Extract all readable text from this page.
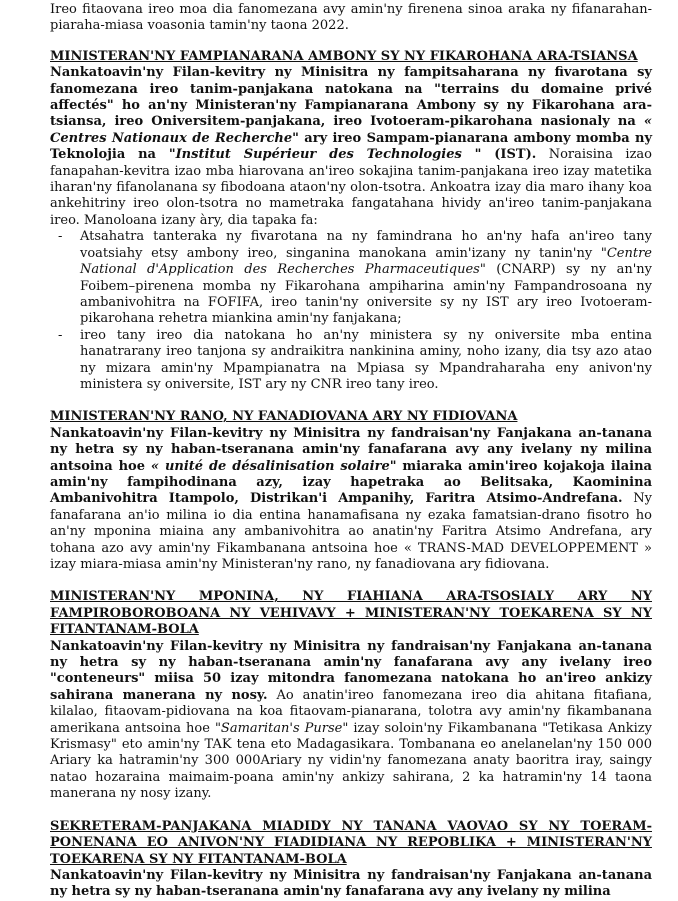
Ireo fitaovana ireo moa dia fanomezana avy amin'ny firenena sinoa araka ny fifanarahan-piaraha-miasa voasonia tamin'ny taona 2022.

MINISTERAN'NY FAMPIANARANA AMBONY SY NY FIKAROHANA ARA-TSIANSA

Nankatoavin'ny Filan-kevitry ny Minisitra ny fampitsaharana ny fivarotana sy fanomezana ireo tanim-panjakana natokana na "terrains du domaine privé affectés" ho an'ny Ministeran'ny Fampianarana Ambony sy ny Fikarohana ara-tsiansa, ireo Oniversitem-panjakana, ireo Ivotoeram-pikarohana nasionaly na « Centres Nationaux de Recherche" ary ireo Sampam-pianarana ambony momba ny Teknolojia na "Institut Supérieur des Technologies " (IST). Noraisina izao fanapahan-kevitra izao mba hiarovana an'ireo sokajina tanim-panjakana ireo izay matetika iharan'ny fifanolanana sy fibodoana ataon'ny olon-tsotra. Ankoatra izay dia maro ihany koa ankehitriny ireo olon-tsotra no mametraka fangatahana hividy an'ireo tanim-panjakana ireo. Manoloana izany àry, dia tapaka fa:

- Atsahatra tanteraka ny fivarotana na ny famindrana ho an'ny hafa an'ireo tany voatsiahy etsy ambony ireo, singanina manokana amin'izany ny tanin'ny "Centre National d'Application des Recherches Pharmaceutiques" (CNARP) sy ny an'ny Foibem–pirenena momba ny Fikarohana ampiharina amin'ny Fampandrosoana ny ambanivohitra na FOFIFA, ireo tanin'ny oniversite sy ny IST ary ireo Ivotoeram-pikarohana rehetra miankina amin'ny fanjakana;
- ireo tany ireo dia natokana ho an'ny ministera sy ny oniversite mba entina hanatrarany ireo tanjona sy andraikitra nankinina aminy, noho izany, dia tsy azo atao ny mizara amin'ny Mpampianatra na Mpiasa sy Mpandraharaha eny anivon'ny ministera sy oniversite, IST ary ny CNR ireo tany ireo.
MINISTERAN'NY RANO, NY FANADIOVANA ARY NY FIDIOVANA

Nankatoavin'ny Filan-kevitry ny Minisitra ny fandraisan'ny Fanjakana an-tanana ny hetra sy ny haban-tseranana amin'ny fanafarana avy any ivelany ny milina antsoina hoe « unité de désalinisation solaire" miaraka amin'ireo kojakoja ilaina amin'ny fampihodinana azy, izay hapetraka ao Belitsaka, Kaominina Ambanivohitra Itampolo, Distrikan'i Ampanihy, Faritra Atsimo-Andrefana. Ny fanafarana an'io milina io dia entina hanamafisana ny ezaka famatsian-drano fisotro ho an'ny mponina miaina any ambanivohitra ao anatin'ny Faritra Atsimo Andrefana, ary tohana azo avy amin'ny Fikambanana antsoina hoe « TRANS-MAD DEVELOPPEMENT » izay miara-miasa amin'ny Ministeran'ny rano, ny fanadiovana ary fidiovana.

MINISTERAN'NY MPONINA, NY FIAHIANA ARA-TSOSIALY ARY NY FAMPIROBOROBOANA NY VEHIVAVY + MINISTERAN'NY TOEKARENA SY NY FITANTANAM-BOLA

Nankatoavin'ny Filan-kevitry ny Minisitra ny fandraisan'ny Fanjakana an-tanana ny hetra sy ny haban-tseranana amin'ny fanafarana avy any ivelany ireo "conteneurs" miisa 50 izay mitondra fanomezana natokana ho an'ireo ankizy sahirana manerana ny nosy. Ao anatin'ireo fanomezana ireo dia ahitana fitafiana, kilalao, fitaovam-pidiovana na koa fitaovam-pianarana, tolotra avy amin'ny fikambanana amerikana antsoina hoe "Samaritan's Purse" izay soloin'ny Fikambanana "Tetikasa Ankizy Krismasy" eto amin'ny TAK tena eto Madagasikara. Tombanana eo anelanelan'ny 150 000 Ariary ka hatramin'ny 300 000Ariary ny vidin'ny fanomezana anaty baoritra iray, saingy natao hozaraina maimaim-poana amin'ny ankizy sahirana, 2 ka hatramin'ny 14 taona manerana ny nosy izany.

SEKRETERAM-PANJAKANA MIADIDY NY TANANA VAOVAO SY NY TOERAM-PONENANA EO ANIVON'NY FIADIDIANA NY REPOBLIKA + MINISTERAN'NY TOEKARENA SY NY FITANTANAM-BOLA

Nankatoavin'ny Filan-kevitry ny Minisitra ny fandraisan'ny Fanjakana an-tanana ny hetra sy ny haban-tseranana amin'ny fanafarana avy any ivelany ny milina
